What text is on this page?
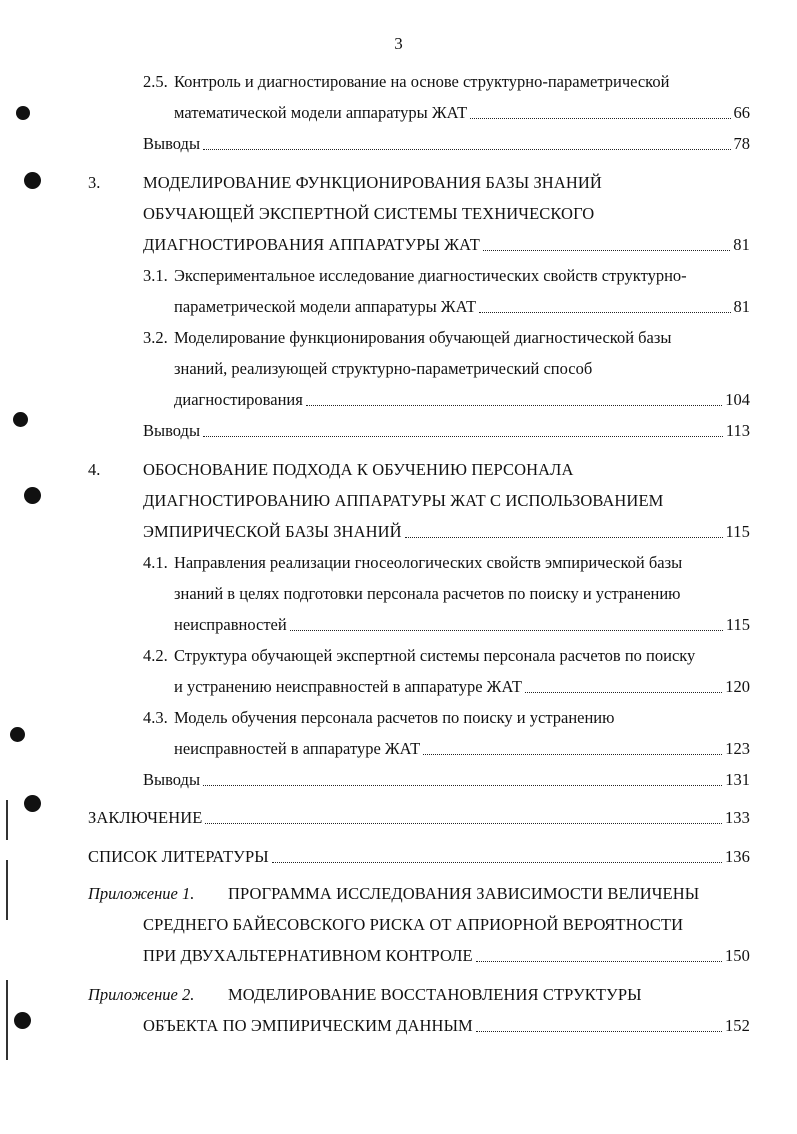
3
2.5. Контроль и диагностирование на основе структурно-параметрической
математической модели аппаратуры ЖАТ	66
Выводы	78
3.	МОДЕЛИРОВАНИЕ ФУНКЦИОНИРОВАНИЯ БАЗЫ ЗНАНИЙ
ОБУЧАЮЩЕЙ ЭКСПЕРТНОЙ СИСТЕМЫ ТЕХНИЧЕСКОГО
ДИАГНОСТИРОВАНИЯ АППАРАТУРЫ ЖАТ	81
3.1. Экспериментальное исследование диагностических свойств структурно-
параметрической модели аппаратуры ЖАТ	81
3.2. Моделирование функционирования обучающей диагностической базы
знаний, реализующей структурно-параметрический способ
диагностирования	104
Выводы	113
4.	ОБОСНОВАНИЕ ПОДХОДА К ОБУЧЕНИЮ ПЕРСОНАЛА
ДИАГНОСТИРОВАНИЮ АППАРАТУРЫ ЖАТ С ИСПОЛЬЗОВАНИЕМ
ЭМПИРИЧЕСКОЙ БАЗЫ ЗНАНИЙ	115
4.1. Направления реализации гносеологических свойств эмпирической базы
знаний в целях подготовки персонала расчетов по поиску и устранению
неисправностей	115
4.2. Структура обучающей экспертной системы персонала расчетов по поиску
и устранению неисправностей в аппаратуре ЖАТ	120
4.3. Модель обучения персонала расчетов по поиску и устранению
неисправностей в аппаратуре ЖАТ	123
Выводы	131
ЗАКЛЮЧЕНИЕ	133
СПИСОК ЛИТЕРАТУРЫ	136
Приложение 1. ПРОГРАММА ИССЛЕДОВАНИЯ ЗАВИСИМОСТИ ВЕЛИЧЕНЫ
СРЕДНЕГО БАЙЕСОВСКОГО РИСКА ОТ АПРИОРНОЙ ВЕРОЯТНОСТИ
ПРИ ДВУХАЛЬТЕРНАТИВНОМ КОНТРОЛЕ	150
Приложение 2. МОДЕЛИРОВАНИЕ ВОССТАНОВЛЕНИЯ СТРУКТУРЫ
ОБЪЕКТА ПО ЭМПИРИЧЕСКИМ ДАННЫМ	152
